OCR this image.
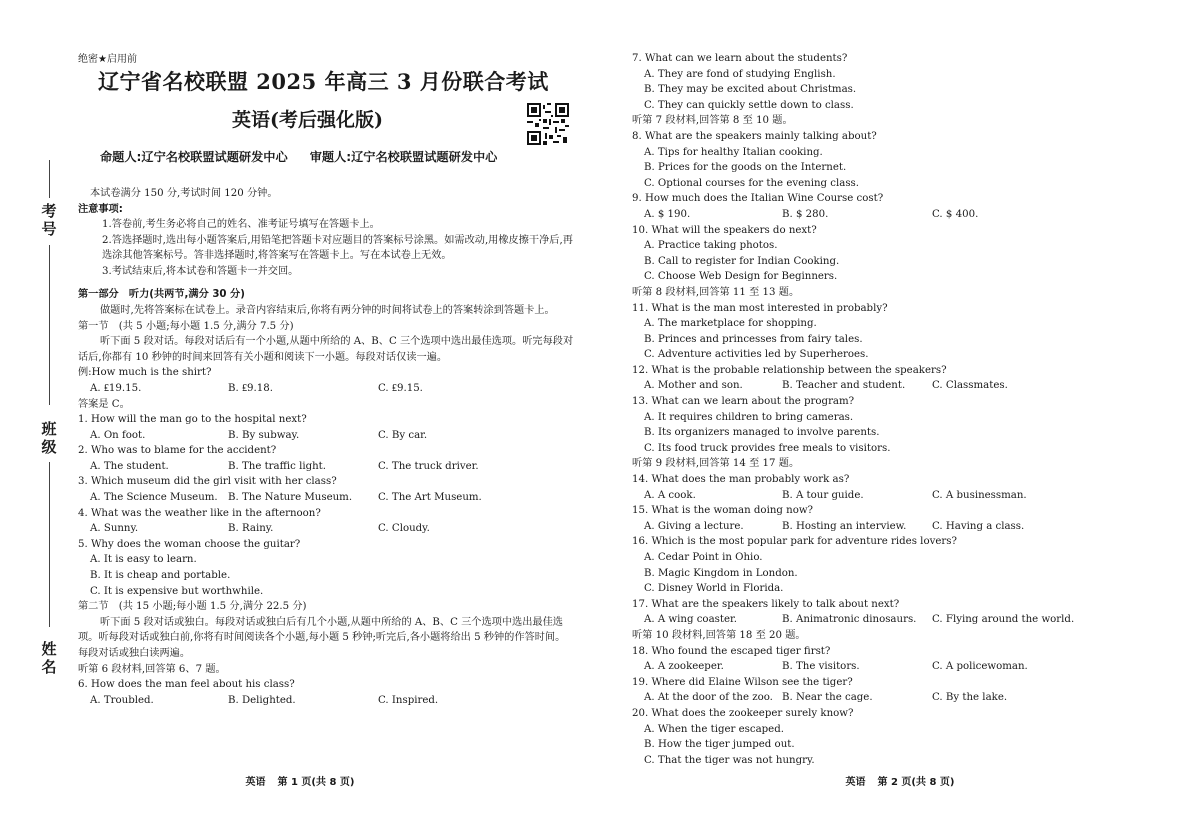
考号
班级
姓名
绝密★启用前
辽宁省名校联盟 2025 年高三 3 月份联合考试
英语(考后强化版)
命题人:辽宁名校联盟试题研发中心 审题人:辽宁名校联盟试题研发中心

本试卷满分 150 分,考试时间 120 分钟。

注意事项:

1.答卷前,考生务必将自己的姓名、准考证号填写在答题卡上。

2.答选择题时,选出每小题答案后,用铅笔把答题卡对应题目的答案标号涂黑。如需改动,用橡皮擦干净后,再选涂其他答案标号。答非选择题时,将答案写在答题卡上。写在本试卷上无效。

3.考试结束后,将本试卷和答题卡一并交回。

第一部分　听力(共两节,满分 30 分)

做题时,先将答案标在试卷上。录音内容结束后,你将有两分钟的时间将试卷上的答案转涂到答题卡上。

第一节　(共 5 小题;每小题 1.5 分,满分 7.5 分)

听下面 5 段对话。每段对话后有一个小题,从题中所给的 A、B、C 三个选项中选出最佳选项。听完每段对话后,你都有 10 秒钟的时间来回答有关小题和阅读下一小题。每段对话仅读一遍。

例:How much is the shirt?

A. ₤19.15.	B. ₤9.18.	C. ₤9.15.

答案是 C。

1. How will the man go to the hospital next?

A. On foot.	B. By subway.	C. By car.

2. Who was to blame for the accident?

A. The student.	B. The traffic light.	C. The truck driver.

3. Which museum did the girl visit with her class?

A. The Science Museum.	B. The Nature Museum.	C. The Art Museum.

4. What was the weather like in the afternoon?

A. Sunny.	B. Rainy.	C. Cloudy.

5. Why does the woman choose the guitar?

A. It is easy to learn.

B. It is cheap and portable.

C. It is expensive but worthwhile.

第二节　(共 15 小题;每小题 1.5 分,满分 22.5 分)

听下面 5 段对话或独白。每段对话或独白后有几个小题,从题中所给的 A、B、C 三个选项中选出最佳选项。听每段对话或独白前,你将有时间阅读各个小题,每小题 5 秒钟;听完后,各小题将给出 5 秒钟的作答时间。每段对话或独白读两遍。

听第 6 段材料,回答第 6、7 题。

6. How does the man feel about his class?

A. Troubled.	B. Delighted.	C. Inspired.
英语 第 1 页(共 8 页)

7. What can we learn about the students?

A. They are fond of studying English.

B. They may be excited about Christmas.

C. They can quickly settle down to class.

听第 7 段材料,回答第 8 至 10 题。

8. What are the speakers mainly talking about?

A. Tips for healthy Italian cooking.

B. Prices for the goods on the Internet.

C. Optional courses for the evening class.

9. How much does the Italian Wine Course cost?

A. $ 190.	B. $ 280.	C. $ 400.

10. What will the speakers do next?

A. Practice taking photos.

B. Call to register for Indian Cooking.

C. Choose Web Design for Beginners.

听第 8 段材料,回答第 11 至 13 题。

11. What is the man most interested in probably?

A. The marketplace for shopping.

B. Princes and princesses from fairy tales.

C. Adventure activities led by Superheroes.

12. What is the probable relationship between the speakers?

A. Mother and son.	B. Teacher and student.	C. Classmates.

13. What can we learn about the program?

A. It requires children to bring cameras.

B. Its organizers managed to involve parents.

C. Its food truck provides free meals to visitors.

听第 9 段材料,回答第 14 至 17 题。

14. What does the man probably work as?

A. A cook.	B. A tour guide.	C. A businessman.

15. What is the woman doing now?

A. Giving a lecture.	B. Hosting an interview.	C. Having a class.

16. Which is the most popular park for adventure rides lovers?

A. Cedar Point in Ohio.

B. Magic Kingdom in London.

C. Disney World in Florida.

17. What are the speakers likely to talk about next?

A. A wing coaster.	B. Animatronic dinosaurs.	C. Flying around the world.

听第 10 段材料,回答第 18 至 20 题。

18. Who found the escaped tiger first?

A. A zookeeper.	B. The visitors.	C. A policewoman.

19. Where did Elaine Wilson see the tiger?

A. At the door of the zoo. B. Near the cage.	C. By the lake.

20. What does the zookeeper surely know?

A. When the tiger escaped.

B. How the tiger jumped out.

C. That the tiger was not hungry.

英语 第 2 页(共 8 页)
